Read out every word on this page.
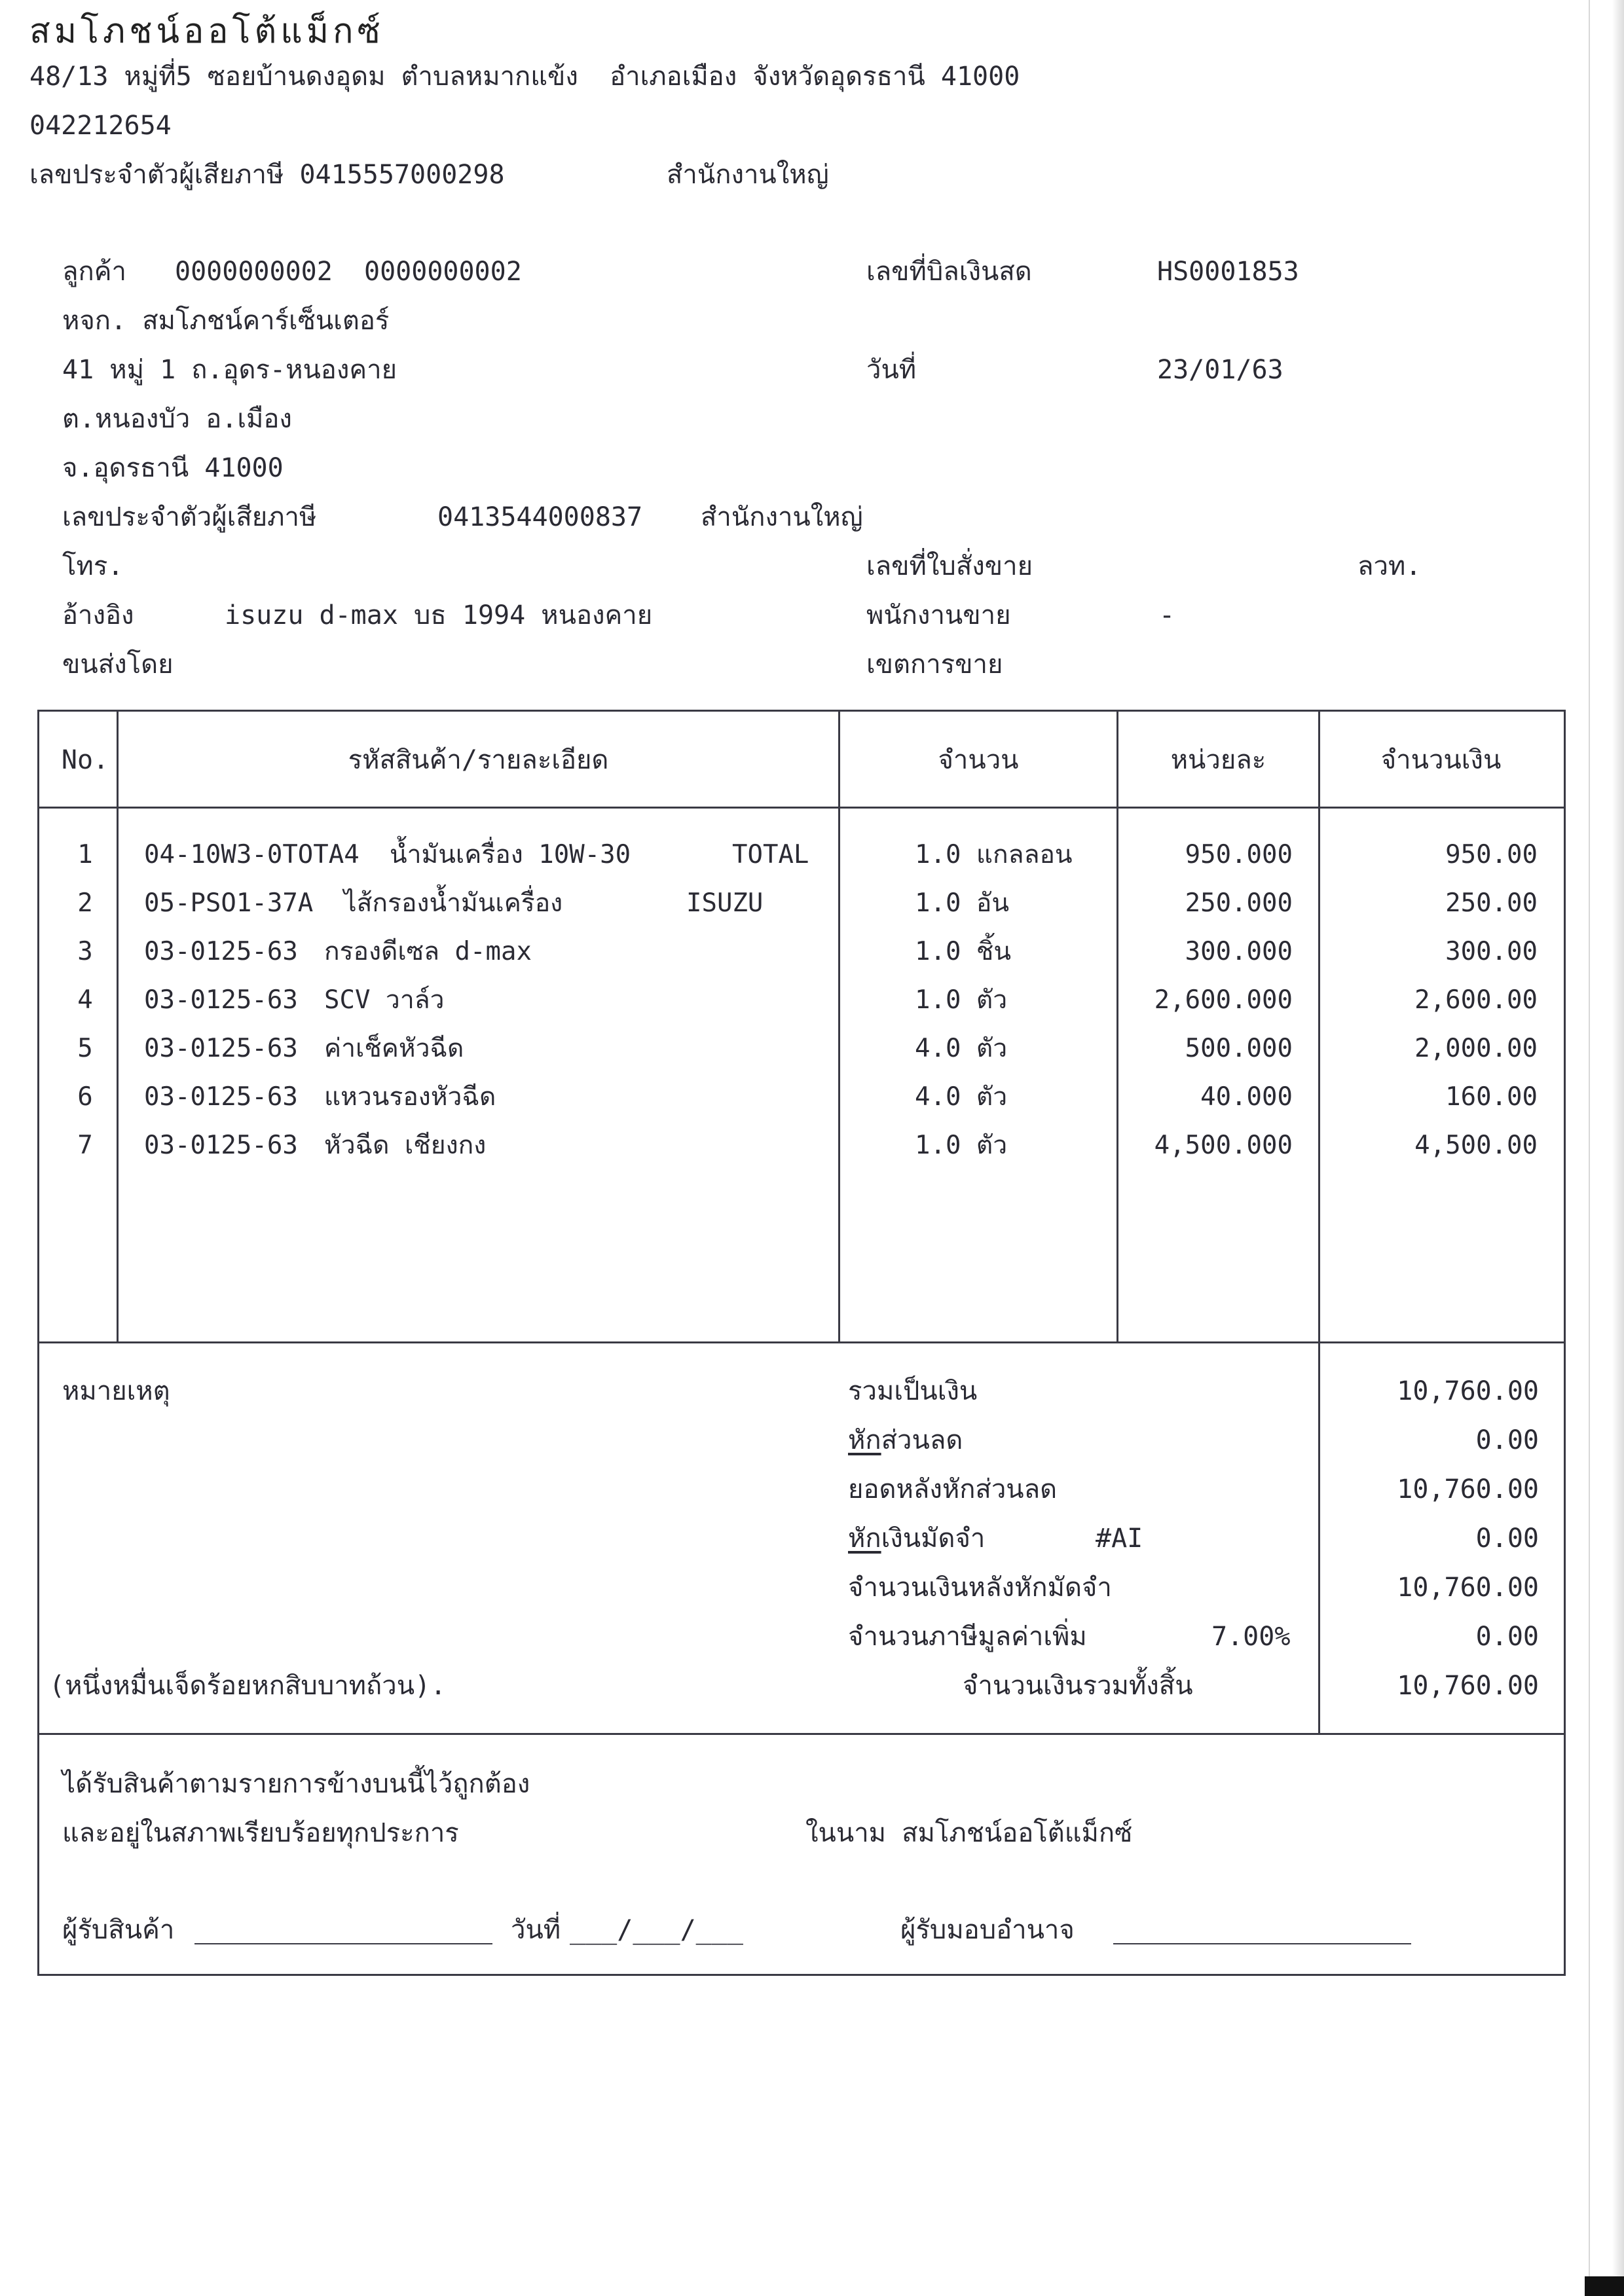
สมโภชน์ออโต้แม็กซ์
48/13 หมู่ที่5 ซอยบ้านดงอุดม ตำบลหมากแข้ง  อำเภอเมือง จังหวัดอุดรธานี 41000
042212654
เลขประจำตัวผู้เสียภาษี 0415557000298	สำนักงานใหญ่
ลูกค้า 0000000002  0000000002
หจก. สมโภชน์คาร์เซ็นเตอร์
41 หมู่ 1 ถ.อุดร-หนองคาย
ต.หนองบัว อ.เมือง
จ.อุดรธานี 41000
เลขประจำตัวผู้เสียภาษี	0413544000837 สำนักงานใหญ่
โทร.
อ้างอิง	isuzu d-max บธ 1994 หนองคาย
ขนส่งโดย
เลขที่บิลเงินสด	HS0001853
วันที่	23/01/63
เลขที่ใบสั่งขาย	ลวท.
พนักงานขาย	-
เขตการขาย
No.	รหัสสินค้า/รายละเอียด	จำนวน	หน่วยละ	จำนวนเงิน
1	04-10W3-0TOTA4 น้ำมันเครื่อง 10W-30	TOTAL	1.0 แกลลอน	950.000	950.00
2	05-PSO1-37A ไส้กรองน้ำมันเครื่อง	ISUZU	1.0 อัน	250.000	250.00
3	03-0125-63 กรองดีเซล d-max	1.0 ชิ้น	300.000	300.00
4	03-0125-63 SCV วาล์ว	1.0 ตัว	2,600.000	2,600.00
5	03-0125-63 ค่าเช็คหัวฉีด	4.0 ตัว	500.000	2,000.00
6	03-0125-63 แหวนรองหัวฉีด	4.0 ตัว	40.000	160.00
7	03-0125-63 หัวฉีด เชียงกง	1.0 ตัว	4,500.000	4,500.00
หมายเหตุ	รวมเป็นเงิน	10,760.00
หักส่วนลด	0.00
ยอดหลังหักส่วนลด	10,760.00
หักเงินมัดจำ	#AI	0.00
จำนวนเงินหลังหักมัดจำ	10,760.00
จำนวนภาษีมูลค่าเพิ่ม	7.00%	0.00
(หนึ่งหมื่นเจ็ดร้อยหกสิบบาทถ้วน).	จำนวนเงินรวมทั้งสิ้น	10,760.00
ได้รับสินค้าตามรายการข้างบนนี้ไว้ถูกต้อง
และอยู่ในสภาพเรียบร้อยทุกประการ	ในนาม สมโภชน์ออโต้แม็กซ์
ผู้รับสินค้า	วันที่ ___/___/___	ผู้รับมอบอำนาจ
